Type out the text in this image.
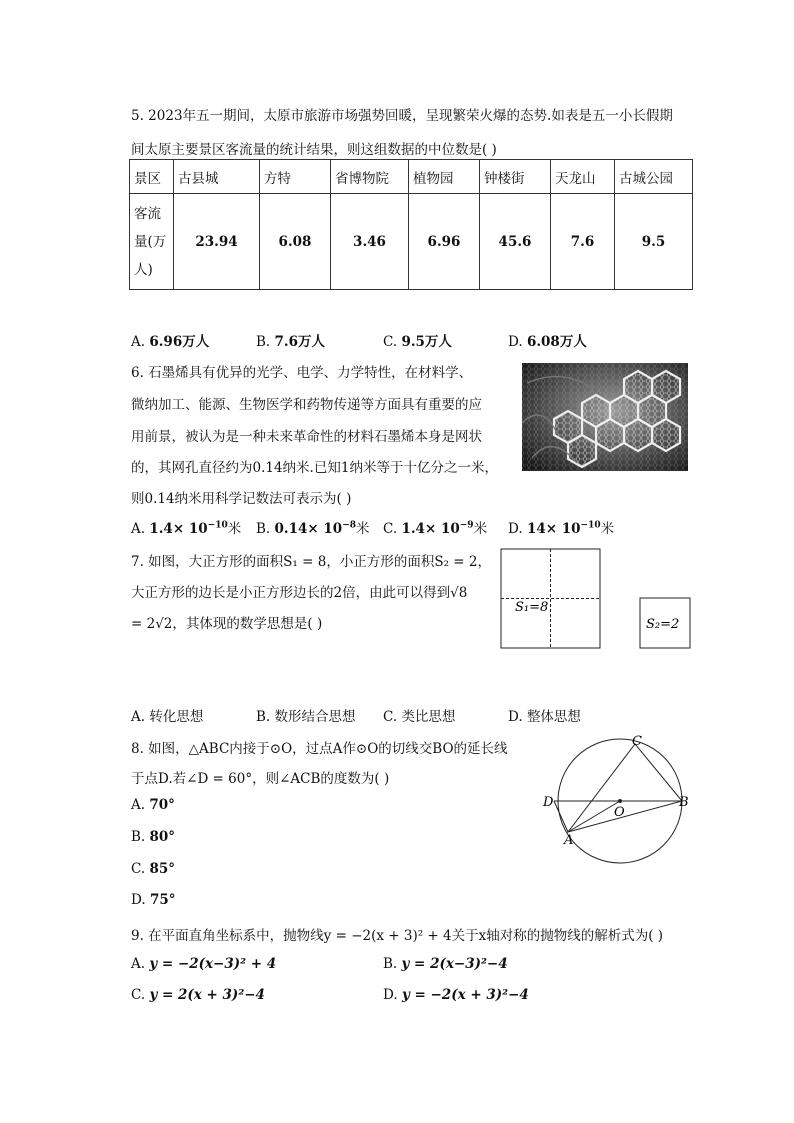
5. 2023年五一期间，太原市旅游市场强势回暖，呈现繁荣火爆的态势.如表是五一小长假期
间太原主要景区客流量的统计结果，则这组数据的中位数是( )
景区	古县城	方特	省博物院	植物园	钟楼街	天龙山	古城公园
客流量(万人)	23.94	6.08	3.46	6.96	45.6	7.6	9.5
A. 6.96万人	B. 7.6万人	C. 9.5万人	D. 6.08万人
6. 石墨烯具有优异的光学、电学、力学特性，在材料学、
微纳加工、能源、生物医学和药物传递等方面具有重要的应
用前景，被认为是一种未来革命性的材料石墨烯本身是网状
的，其网孔直径约为0.14纳米.已知1纳米等于十亿分之一米，
则0.14纳米用科学记数法可表示为( )
A. $1.4\times 10^{-10}$米 B. $0.14\times 10^{-8}$米 C. $1.4\times 10^{-9}$米 D. $14\times 10^{-10}$米
7. 如图，大正方形的面积S₁ = 8，小正方形的面积S₂ = 2，
大正方形的边长是小正方形边长的2倍，由此可以得到√8
= 2√2，其体现的数学思想是( )
S₁=8
S₂=2
A. 转化思想	B. 数形结合思想 C. 类比思想	D. 整体思想
8. 如图，△ABC内接于⊙O，过点A作⊙O的切线交BO的延长线
于点D.若∠D = 60°，则∠ACB的度数为( )
C
D	B
O
A
A. 70°
B. 80°
C. 85°
D. 75°
9. 在平面直角坐标系中，抛物线y = −2(x + 3)² + 4关于x轴对称的抛物线的解析式为( )
A. y = −2(x−3)² + 4	B. y = 2(x−3)²−4
C. y = 2(x + 3)²−4	D. y = −2(x + 3)²−4
